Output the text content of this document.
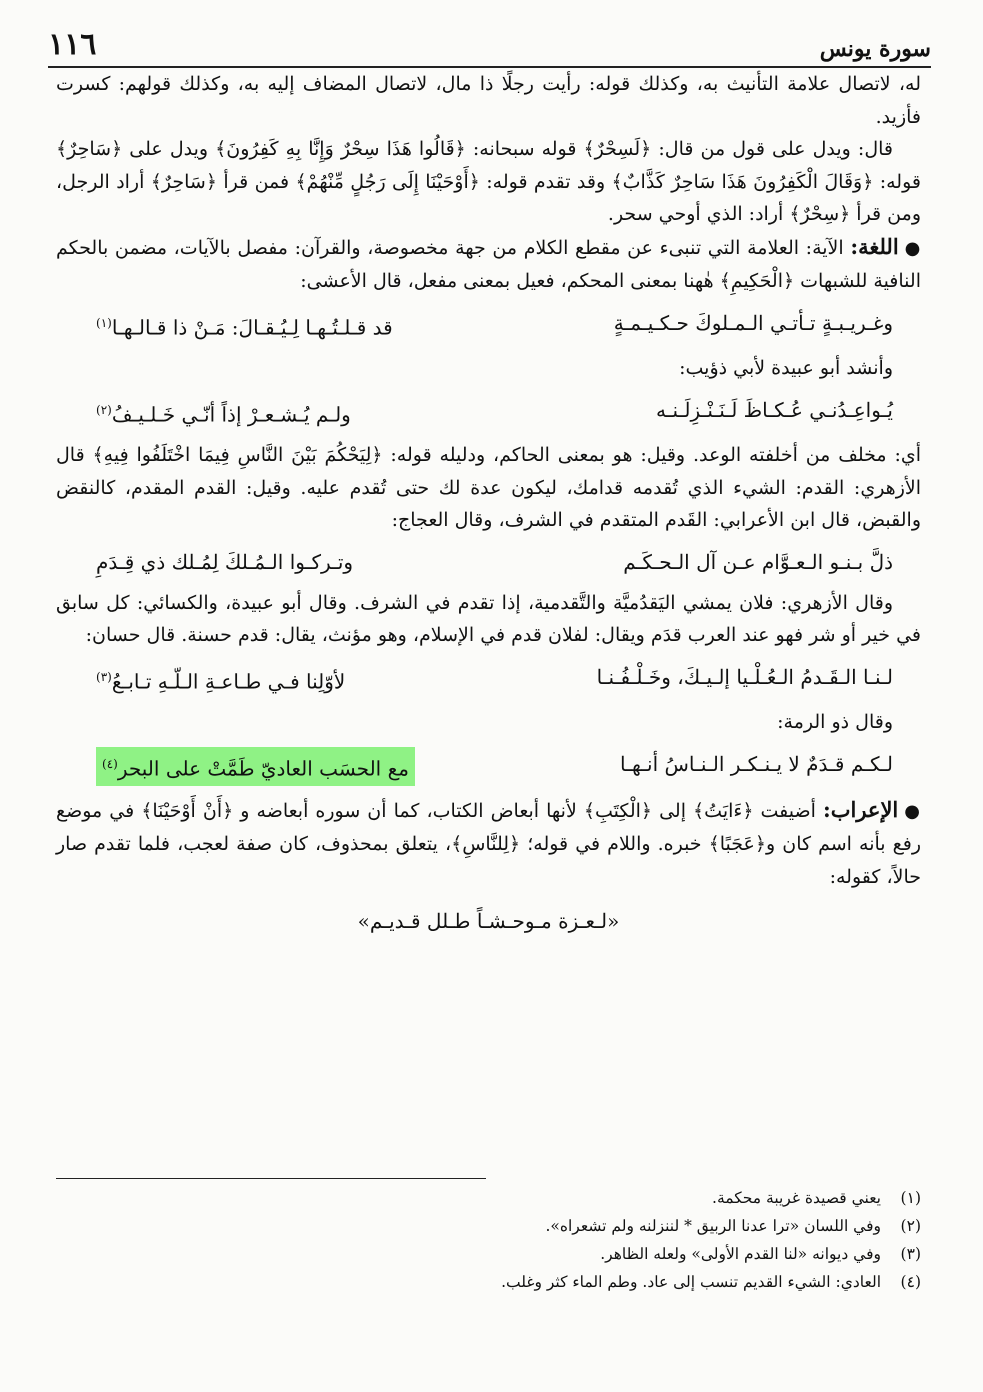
سورة يونس
١١٦

له، لاتصال علامة التأنيث به، وكذلك قوله: رأيت رجلًا ذا مال، لاتصال المضاف إليه به، وكذلك قولهم: كسرت فأزيد.

قال: ويدل على قول من قال: ﴿لَسِحْرٌ﴾ قوله سبحانه: ﴿قَالُوا هَذَا سِحْرٌ وَإِنَّا بِهِ كَفِرُونَ﴾ ويدل على ﴿سَاحِرٌ﴾ قوله: ﴿وَقَالَ الْكَفِرُونَ هَذَا سَاحِرٌ كَذَّابٌ﴾ وقد تقدم قوله: ﴿أَوْحَيْنَا إِلَى رَجُلٍ مِّنْهُمْ﴾ فمن قرأ ﴿سَاحِرٌ﴾ أراد الرجل، ومن قرأ ﴿سِحْرٌ﴾ أراد: الذي أوحي سحر.

●اللغة: الآية: العلامة التي تنبىء عن مقطع الكلام من جهة مخصوصة، والقرآن: مفصل بالآيات، مضمن بالحكم النافية للشبهات ﴿الْحَكِيمِ﴾ هٰهنا بمعنى المحكم، فعيل بمعنى مفعل، قال الأعشى:

وغـريـبـةٍ تـأتـي الـمـلوكَ حـكـيـمـةٍ
قد قـلـتُـهـا لِـيُـقـالَ: مَـنْ ذا قـالـهـا$^{(١)}$

وأنشد أبو عبيدة لأبي ذؤيب:

يُـواعِـدُنـي عُـكـاظَ لَـنَـنْـزِلَـنـه
ولـم يُـشـعـرْ إذاً أنّـي خَـلـيـفُ$^{(٢)}$

أي: مخلف من أخلفته الوعد. وقيل: هو بمعنى الحاكم، ودليله قوله: ﴿لِيَحْكُمَ بَيْنَ النَّاسِ فِيمَا اخْتَلَفُوا فِيهِ﴾ قال الأزهري: القدم: الشيء الذي تُقدمه قدامك، ليكون عدة لك حتى تُقدم عليه. وقيل: القدم المقدم، كالنقض والقبض، قال ابن الأعرابي: القَدم المتقدم في الشرف، وقال العجاج:

ذلَّ بـنـو الـعـوَّام عـن آل الـحـكَـم
وتـركـوا الـمُـلكَ لِمُـلك ذي قِـدَمِ

وقال الأزهري: فلان يمشي اليَقدُميَّة والتَّقدمية، إذا تقدم في الشرف. وقال أبو عبيدة، والكسائي: كل سابق في خير أو شر فهو عند العرب قدَم ويقال: لفلان قدم في الإسلام، وهو مؤنث، يقال: قدم حسنة. قال حسان:

لـنـا الـقَـدمُ الـعُـلْـيا إلـيـكَ، وخَـلْـفُـنـا
لأوّلِنا فـي طـاعـةِ الـلّـهِ تـابـعُ$^{(٣)}$

وقال ذو الرمة:

لـكـم قـدَمٌ لا يـنـكـر الـنـاسُ أنـهـا
مع الحسَب العاديّ طَمَّتْ على البحر$^{(٤)}$

●الإعراب: أضيفت ﴿ءَايَتُ﴾ إلى ﴿الْكِتَبِ﴾ لأنها أبعاض الكتاب، كما أن سوره أبعاضه و ﴿أَنْ أَوْحَيْنَا﴾ في موضع رفع بأنه اسم كان و﴿عَجَبًا﴾ خبره. واللام في قوله؛ ﴿لِلنَّاسِ﴾، يتعلق بمحذوف، كان صفة لعجب، فلما تقدم صار حالاً، كقوله:

«لـعـزة مـوحـشـاً طـلل قـديـم»
(١)
يعني قصيدة غريبة محكمة.
(٢)
وفي اللسان «ترا عدنا الربيق * لننزلنه ولم تشعراه».
(٣)
وفي ديوانه «لنا القدم الأولى» ولعله الظاهر.
(٤)
العادي: الشيء القديم تنسب إلى عاد. وطم الماء كثر وغلب.
